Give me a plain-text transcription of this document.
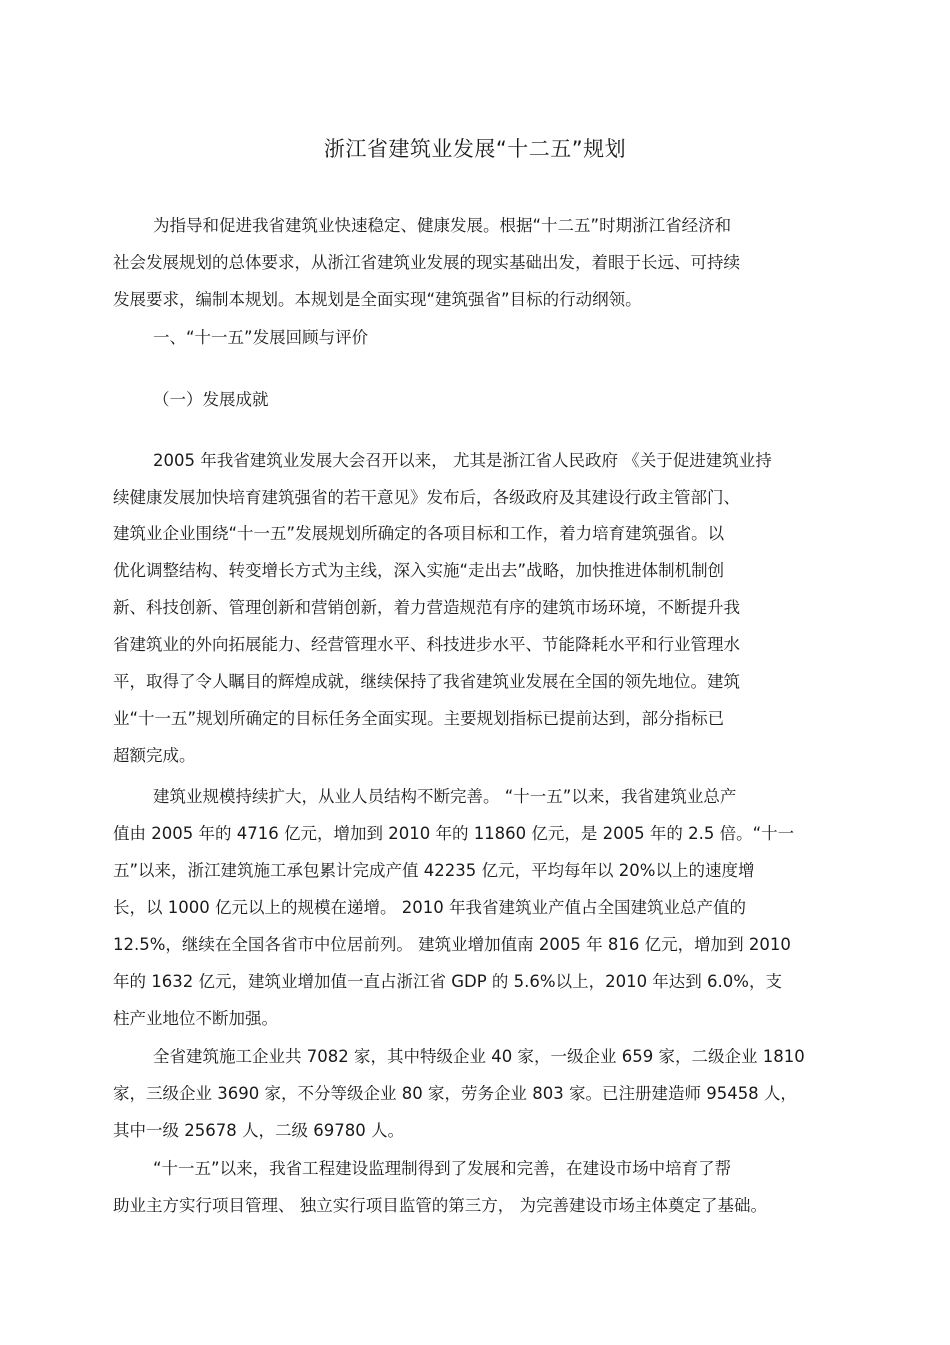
浙江省建筑业发展“十二五”规划
为指导和促进我省建筑业快速稳定、健康发展。根据“十二五”时期浙江省经济和
社会发展规划的总体要求，从浙江省建筑业发展的现实基础出发，着眼于长远、可持续
发展要求，编制本规划。本规划是全面实现“建筑强省”目标的行动纲领。
一、“十一五”发展回顾与评价
（一）发展成就
2005 年我省建筑业发展大会召开以来， 尤其是浙江省人民政府 《关于促进建筑业持
续健康发展加快培育建筑强省的若干意见》发布后，各级政府及其建设行政主管部门、
建筑业企业围绕“十一五”发展规划所确定的各项目标和工作，着力培育建筑强省。以
优化调整结构、转变增长方式为主线，深入实施“走出去”战略，加快推进体制机制创
新、科技创新、管理创新和营销创新，着力营造规范有序的建筑市场环境，不断提升我
省建筑业的外向拓展能力、经营管理水平、科技进步水平、节能降耗水平和行业管理水
平，取得了令人瞩目的辉煌成就，继续保持了我省建筑业发展在全国的领先地位。建筑
业“十一五”规划所确定的目标任务全面实现。主要规划指标已提前达到，部分指标已
超额完成。
建筑业规模持续扩大，从业人员结构不断完善。 “十一五”以来，我省建筑业总产
值由 2005 年的 4716 亿元，增加到 2010 年的 11860 亿元，是 2005 年的 2.5 倍。“十一
五”以来，浙江建筑施工承包累计完成产值 42235 亿元，平均每年以 20%以上的速度增
长，以 1000 亿元以上的规模在递增。 2010 年我省建筑业产值占全国建筑业总产值的
12.5%，继续在全国各省市中位居前列。 建筑业增加值南 2005 年 816 亿元，增加到 2010
年的 1632 亿元，建筑业增加值一直占浙江省 GDP 的 5.6%以上，2010 年达到 6.0%，支
柱产业地位不断加强。
全省建筑施工企业共 7082 家，其中特级企业 40 家，一级企业 659 家，二级企业 1810
家，三级企业 3690 家，不分等级企业 80 家，劳务企业 803 家。已注册建造师 95458 人，
其中一级 25678 人，二级 69780 人。
“十一五”以来，我省工程建设监理制得到了发展和完善，在建设市场中培育了帮
助业主方实行项目管理、 独立实行项目监管的第三方， 为完善建设市场主体奠定了基础。
